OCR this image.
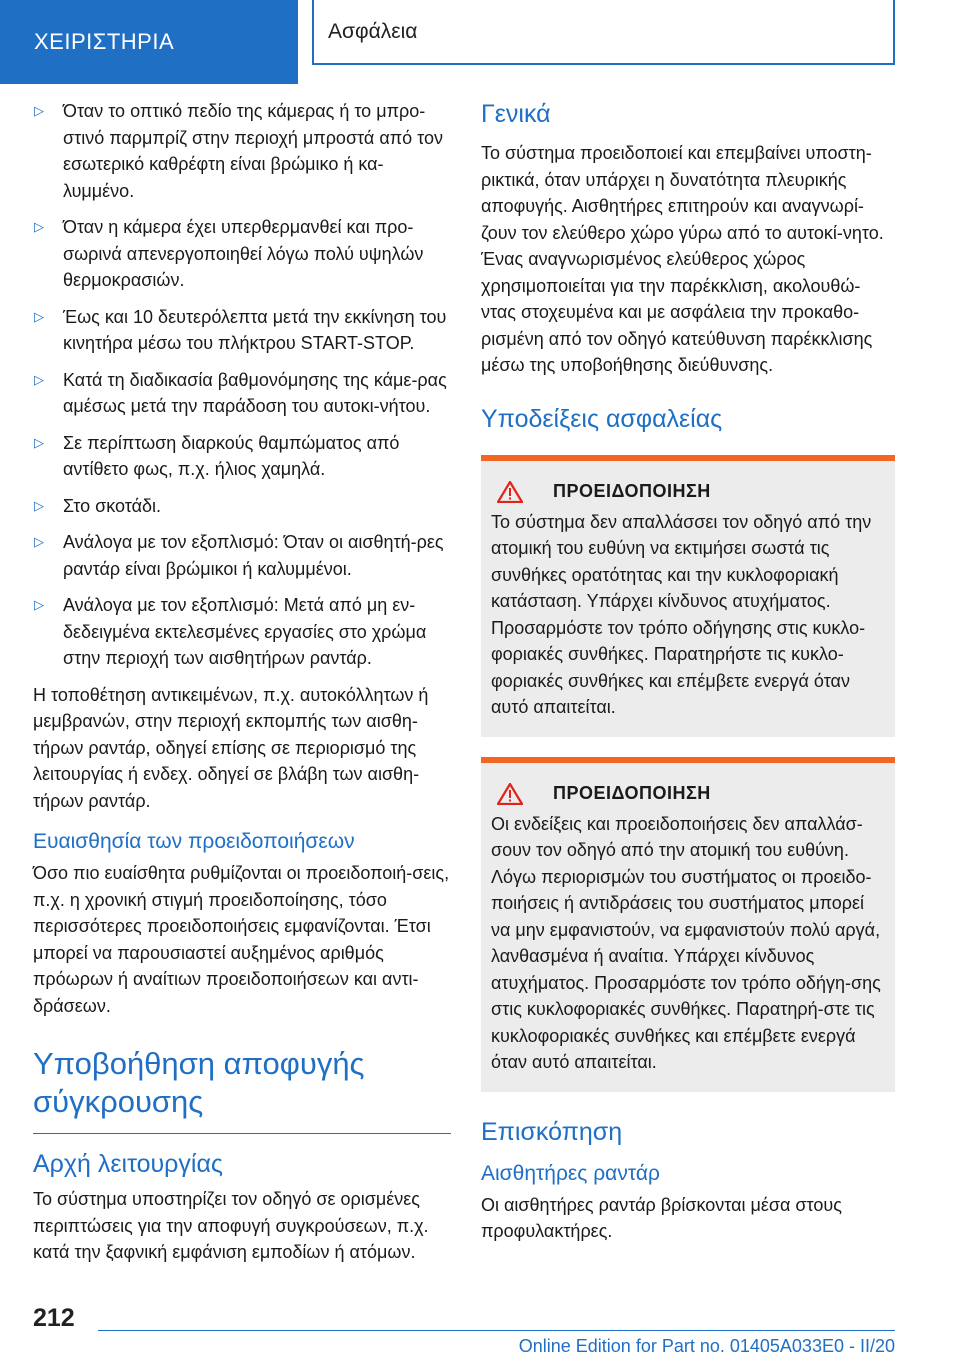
ΧΕΙΡΙΣΤΗΡΙΑ	Ασφάλεια
▷ Όταν το οπτικό πεδίο της κάμερας ή το μπρο-στινό παρμπρίζ στην περιοχή μπροστά από τον εσωτερικό καθρέφτη είναι βρώμικο ή κα-λυμμένο.
▷ Όταν η κάμερα έχει υπερθερμανθεί και προ-σωρινά απενεργοποιηθεί λόγω πολύ υψηλών θερμοκρασιών.
▷ Έως και 10 δευτερόλεπτα μετά την εκκίνηση του κινητήρα μέσω του πλήκτρου START-STOP.
▷ Κατά τη διαδικασία βαθμονόμησης της κάμε-ρας αμέσως μετά την παράδοση του αυτοκι-νήτου.
▷ Σε περίπτωση διαρκούς θαμπώματος από αντίθετο φως, π.χ. ήλιος χαμηλά.
▷ Στο σκοτάδι.
▷ Ανάλογα με τον εξοπλισμό: Όταν οι αισθητή-ρες ραντάρ είναι βρώμικοι ή καλυμμένοι.
▷ Ανάλογα με τον εξοπλισμό: Μετά από μη εν-δεδειγμένα εκτελεσμένες εργασίες στο χρώμα στην περιοχή των αισθητήρων ραντάρ.

Η τοποθέτηση αντικειμένων, π.χ. αυτοκόλλητων ή μεμβρανών, στην περιοχή εκπομπής των αισθη-τήρων ραντάρ, οδηγεί επίσης σε περιορισμό της λειτουργίας ή ενδεχ. οδηγεί σε βλάβη των αισθη-τήρων ραντάρ.

Ευαισθησία των προειδοποιήσεων

Όσο πιο ευαίσθητα ρυθμίζονται οι προειδοποιή-σεις, π.χ. η χρονική στιγμή προειδοποίησης, τόσο περισσότερες προειδοποιήσεις εμφανίζονται. Έτσι μπορεί να παρουσιαστεί αυξημένος αριθμός πρόωρων ή αναίτιων προειδοποιήσεων και αντι-δράσεων.

Υποβοήθηση αποφυγής σύγκρουσης
Αρχή λειτουργίας

Το σύστημα υποστηρίζει τον οδηγό σε ορισμένες περιπτώσεις για την αποφυγή συγκρούσεων, π.χ. κατά την ξαφνική εμφάνιση εμποδίων ή ατόμων.

Γενικά

Το σύστημα προειδοποιεί και επεμβαίνει υποστη-ρικτικά, όταν υπάρχει η δυνατότητα πλευρικής αποφυγής. Αισθητήρες επιτηρούν και αναγνωρί-ζουν τον ελεύθερο χώρο γύρω από το αυτοκί-νητο. Ένας αναγνωρισμένος ελεύθερος χώρος χρησιμοποιείται για την παρέκκλιση, ακολουθώ-ντας στοχευμένα και με ασφάλεια την προκαθο-ρισμένη από τον οδηγό κατεύθυνση παρέκκλισης μέσω της υποβοήθησης διεύθυνσης.

Υποδείξεις ασφαλείας
ΠΡΟΕΙΔΟΠΟΙΗΣΗ

Το σύστημα δεν απαλλάσσει τον οδηγό από την ατομική του ευθύνη να εκτιμήσει σωστά τις συνθήκες ορατότητας και την κυκλοφοριακή κατάσταση. Υπάρχει κίνδυνος ατυχήματος. Προσαρμόστε τον τρόπο οδήγησης στις κυκλο-φοριακές συνθήκες. Παρατηρήστε τις κυκλο-φοριακές συνθήκες και επέμβετε ενεργά όταν αυτό απαιτείται.

ΠΡΟΕΙΔΟΠΟΙΗΣΗ

Οι ενδείξεις και προειδοποιήσεις δεν απαλλάσ-σουν τον οδηγό από την ατομική του ευθύνη. Λόγω περιορισμών του συστήματος οι προειδο-ποιήσεις ή αντιδράσεις του συστήματος μπορεί να μην εμφανιστούν, να εμφανιστούν πολύ αργά, λανθασμένα ή αναίτια. Υπάρχει κίνδυνος ατυχήματος. Προσαρμόστε τον τρόπο οδήγη-σης στις κυκλοφοριακές συνθήκες. Παρατηρή-στε τις κυκλοφοριακές συνθήκες και επέμβετε ενεργά όταν αυτό απαιτείται.

Επισκόπηση
Αισθητήρες ραντάρ

Οι αισθητήρες ραντάρ βρίσκονται μέσα στους προφυλακτήρες.

212
Online Edition for Part no. 01405A033E0 - II/20
